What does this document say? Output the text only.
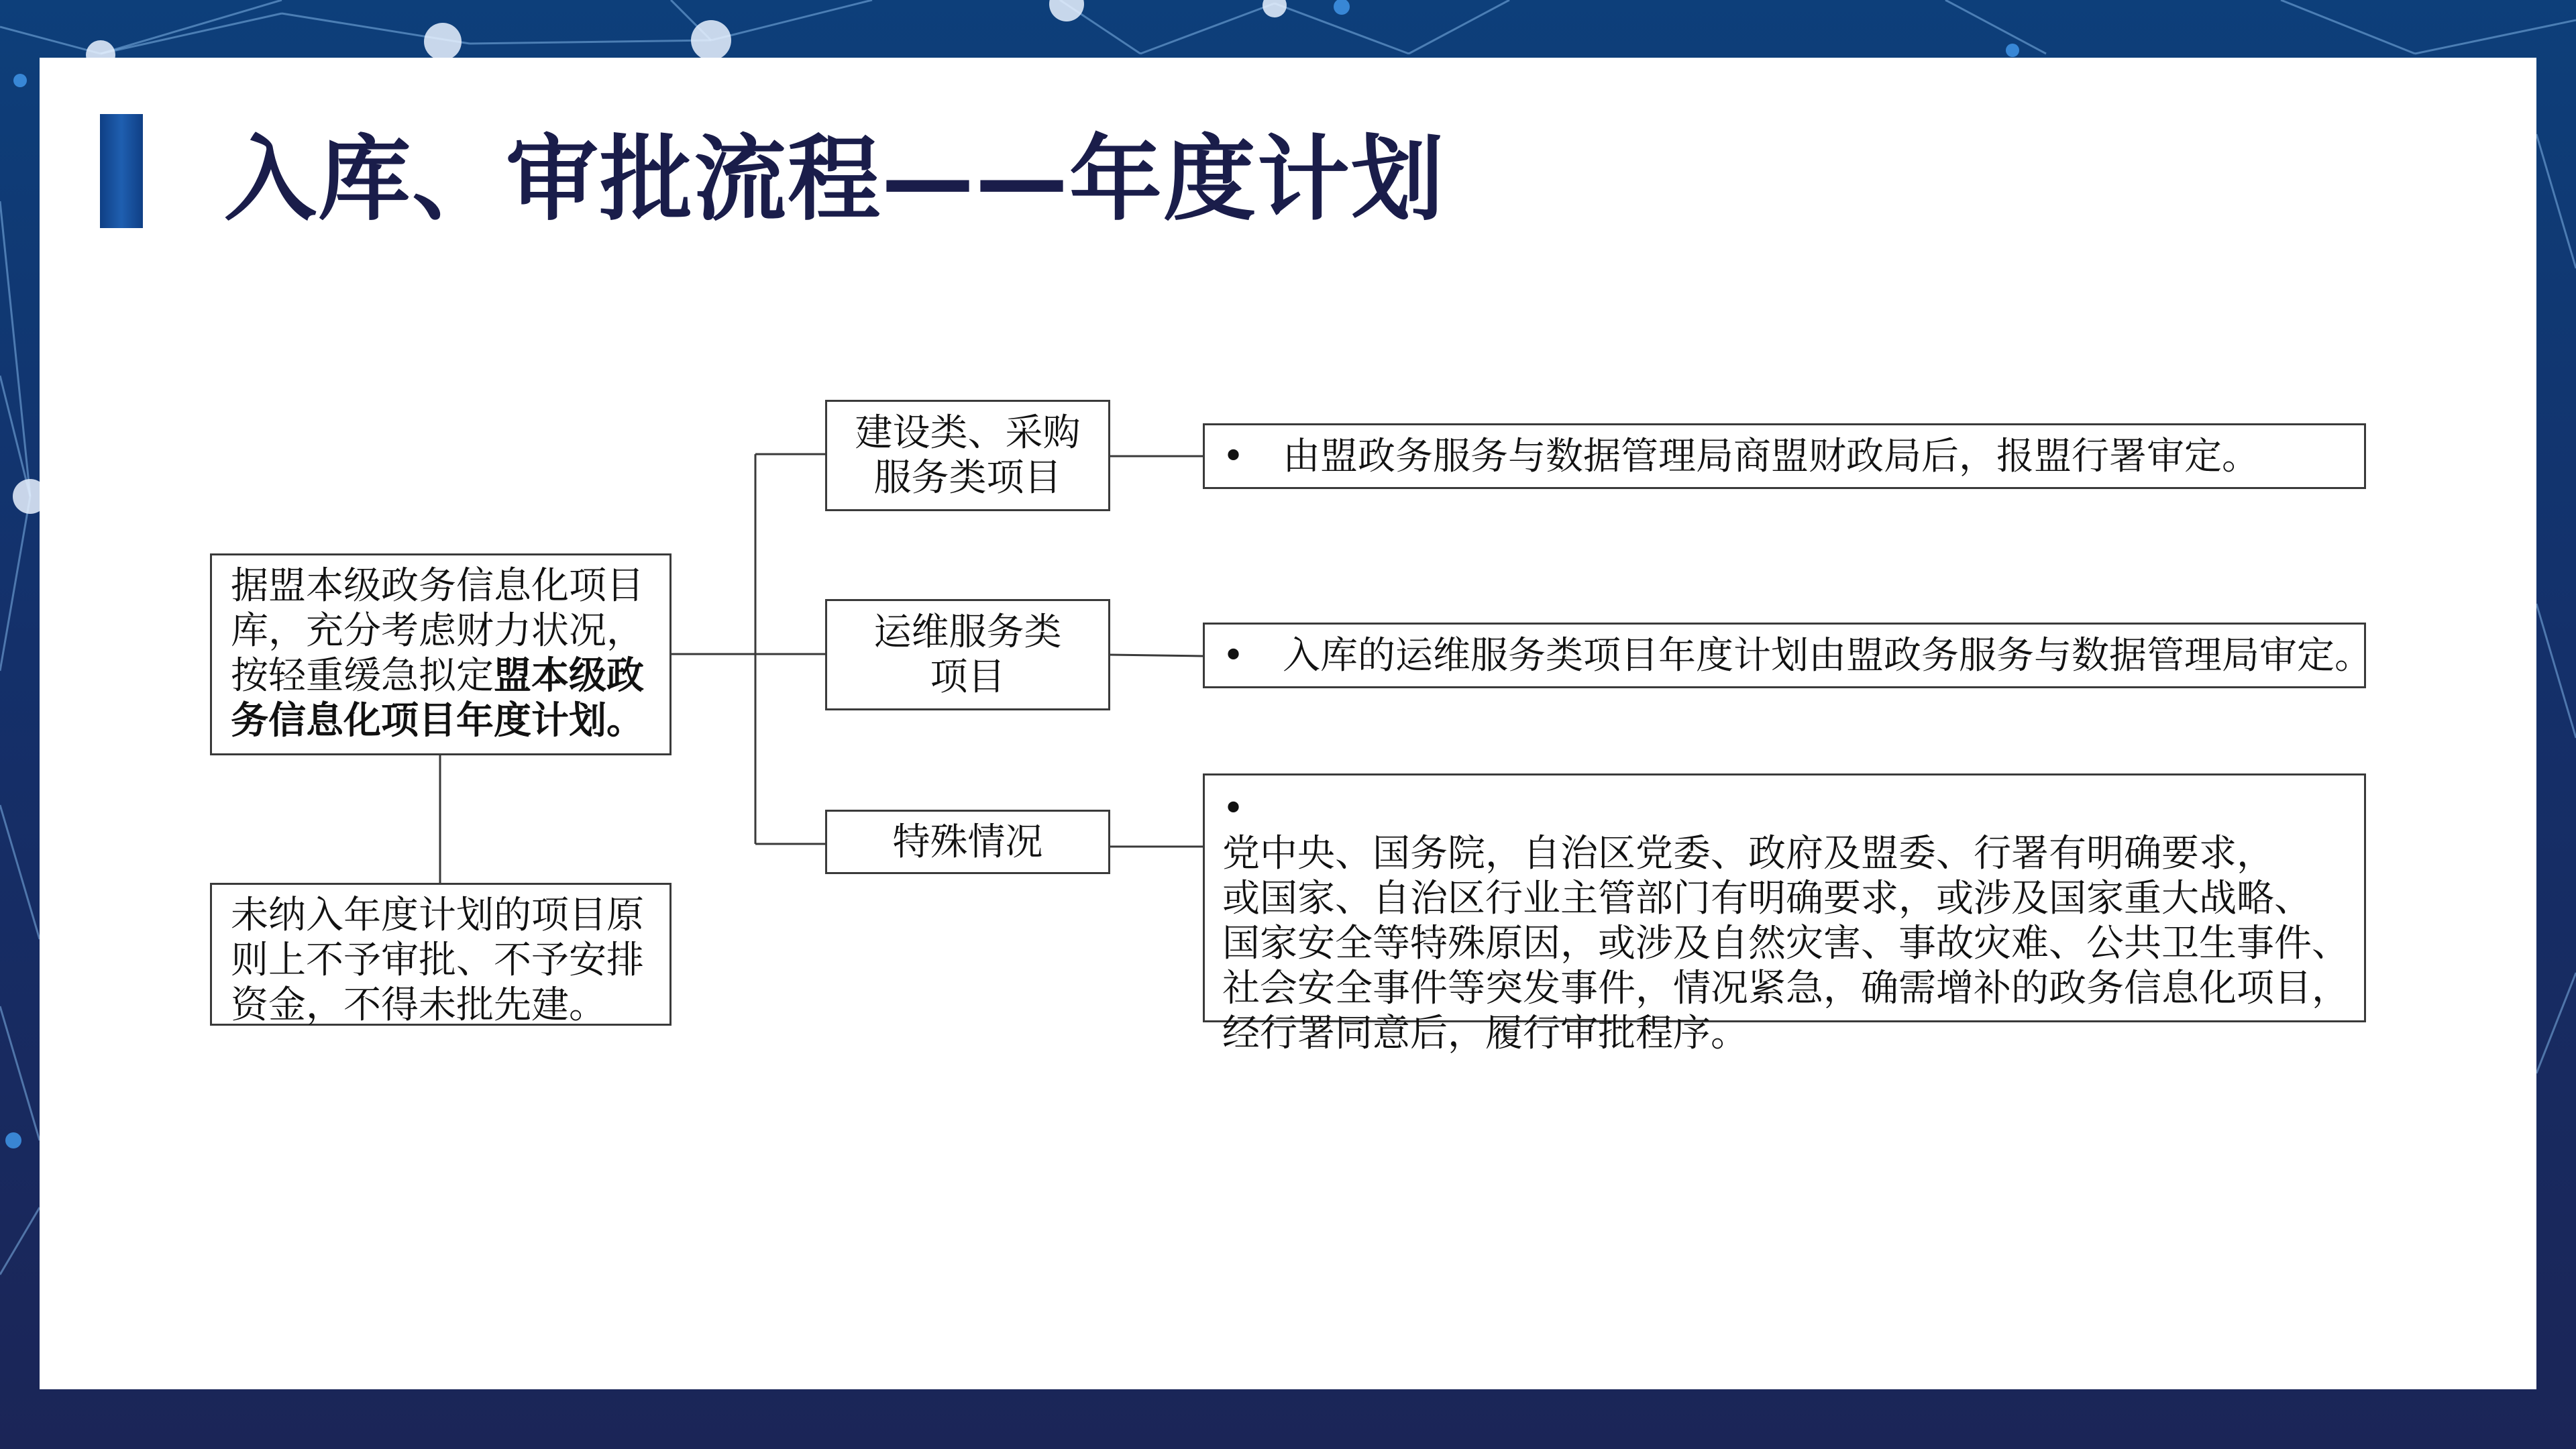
入库、审批流程——年度计划
据盟本级政务信息化项目
库，充分考虑财力状况，
按轻重缓急拟定盟本级政
务信息化项目年度计划。
未纳入年度计划的项目原
则上不予审批、不予安排
资金，不得未批先建。
建设类、采购
服务类项目
运维服务类
项目
特殊情况
•	由盟政务服务与数据管理局商盟财政局后，报盟行署审定。
•	入库的运维服务类项目年度计划由盟政务服务与数据管理局审定。
•
党中央、国务院，自治区党委、政府及盟委、行署有明确要求，
或国家、自治区行业主管部门有明确要求，或涉及国家重大战略、
国家安全等特殊原因，或涉及自然灾害、事故灾难、公共卫生事件、
社会安全事件等突发事件，情况紧急，确需增补的政务信息化项目，
经行署同意后，履行审批程序。
